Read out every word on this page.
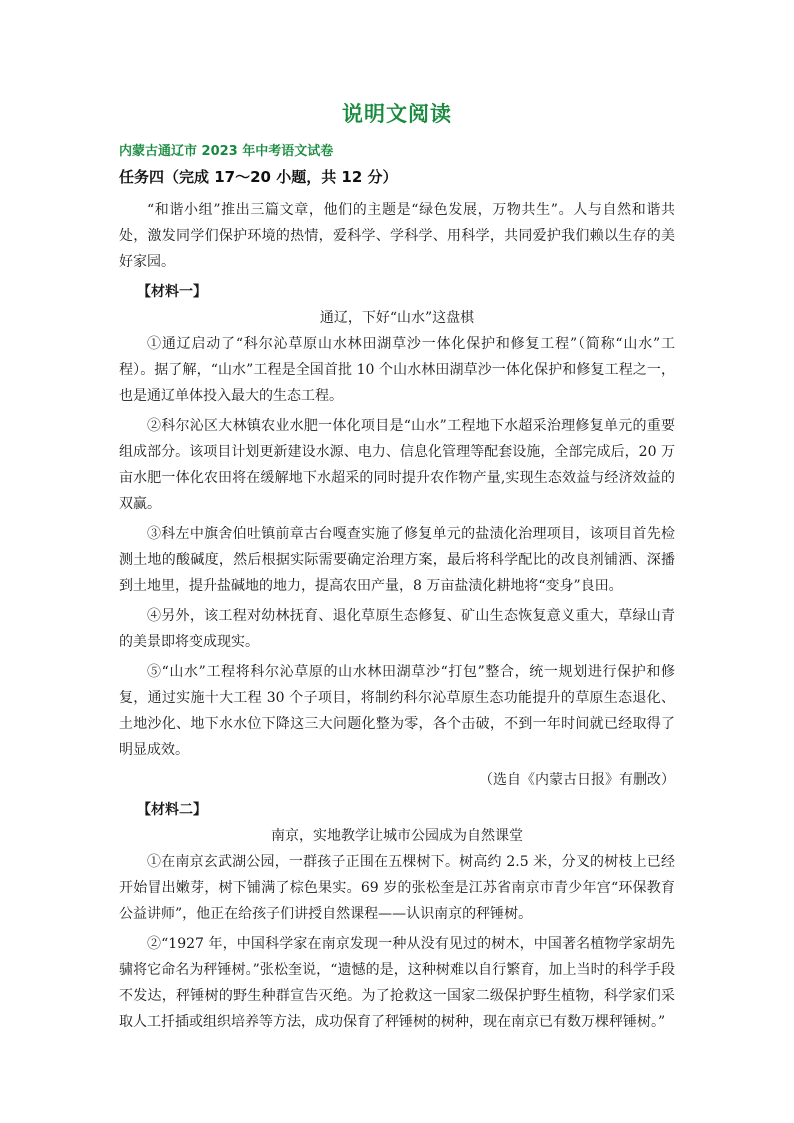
说明文阅读
内蒙古通辽市 2023 年中考语文试卷
任务四（完成 17～20 小题，共 12 分）

“和谐小组”推出三篇文章，他们的主题是“绿色发展，万物共生”。人与自然和谐共处，激发同学们保护环境的热情，爱科学、学科学、用科学，共同爱护我们赖以生存的美好家园。

【材料一】

通辽，下好“山水”这盘棋

①通辽启动了“科尔沁草原山水林田湖草沙一体化保护和修复工程”（简称“山水”工程）。据了解，“山水”工程是全国首批 10 个山水林田湖草沙一体化保护和修复工程之一，也是通辽单体投入最大的生态工程。

②科尔沁区大林镇农业水肥一体化项目是“山水”工程地下水超采治理修复单元的重要组成部分。该项目计划更新建设水源、电力、信息化管理等配套设施，全部完成后，20 万亩水肥一体化农田将在缓解地下水超采的同时提升农作物产量,实现生态效益与经济效益的双赢。

③科左中旗舍伯吐镇前章古台嘎查实施了修复单元的盐渍化治理项目，该项目首先检测土地的酸碱度，然后根据实际需要确定治理方案，最后将科学配比的改良剂铺洒、深播到土地里，提升盐碱地的地力，提高农田产量，8 万亩盐渍化耕地将“变身”良田。

④另外，该工程对幼林抚育、退化草原生态修复、矿山生态恢复意义重大，草绿山青的美景即将变成现实。

⑤“山水”工程将科尔沁草原的山水林田湖草沙“打包”整合，统一规划进行保护和修复，通过实施十大工程 30 个子项目，将制约科尔沁草原生态功能提升的草原生态退化、土地沙化、地下水水位下降这三大问题化整为零，各个击破，不到一年时间就已经取得了明显成效。

（选自《内蒙古日报》有删改）

【材料二】

南京，实地教学让城市公园成为自然课堂

①在南京玄武湖公园，一群孩子正围在五棵树下。树高约 2.5 米，分叉的树枝上已经开始冒出嫩芽，树下铺满了棕色果实。69 岁的张松奎是江苏省南京市青少年宫“环保教育公益讲师”，他正在给孩子们讲授自然课程——认识南京的秤锤树。

②“1927 年，中国科学家在南京发现一种从没有见过的树木，中国著名植物学家胡先骕将它命名为秤锤树。”张松奎说，“遗憾的是，这种树难以自行繁育，加上当时的科学手段不发达，秤锤树的野生种群宣告灭绝。为了抢救这一国家二级保护野生植物，科学家们采取人工扦插或组织培养等方法，成功保育了秤锤树的树种，现在南京已有数万棵秤锤树。”
